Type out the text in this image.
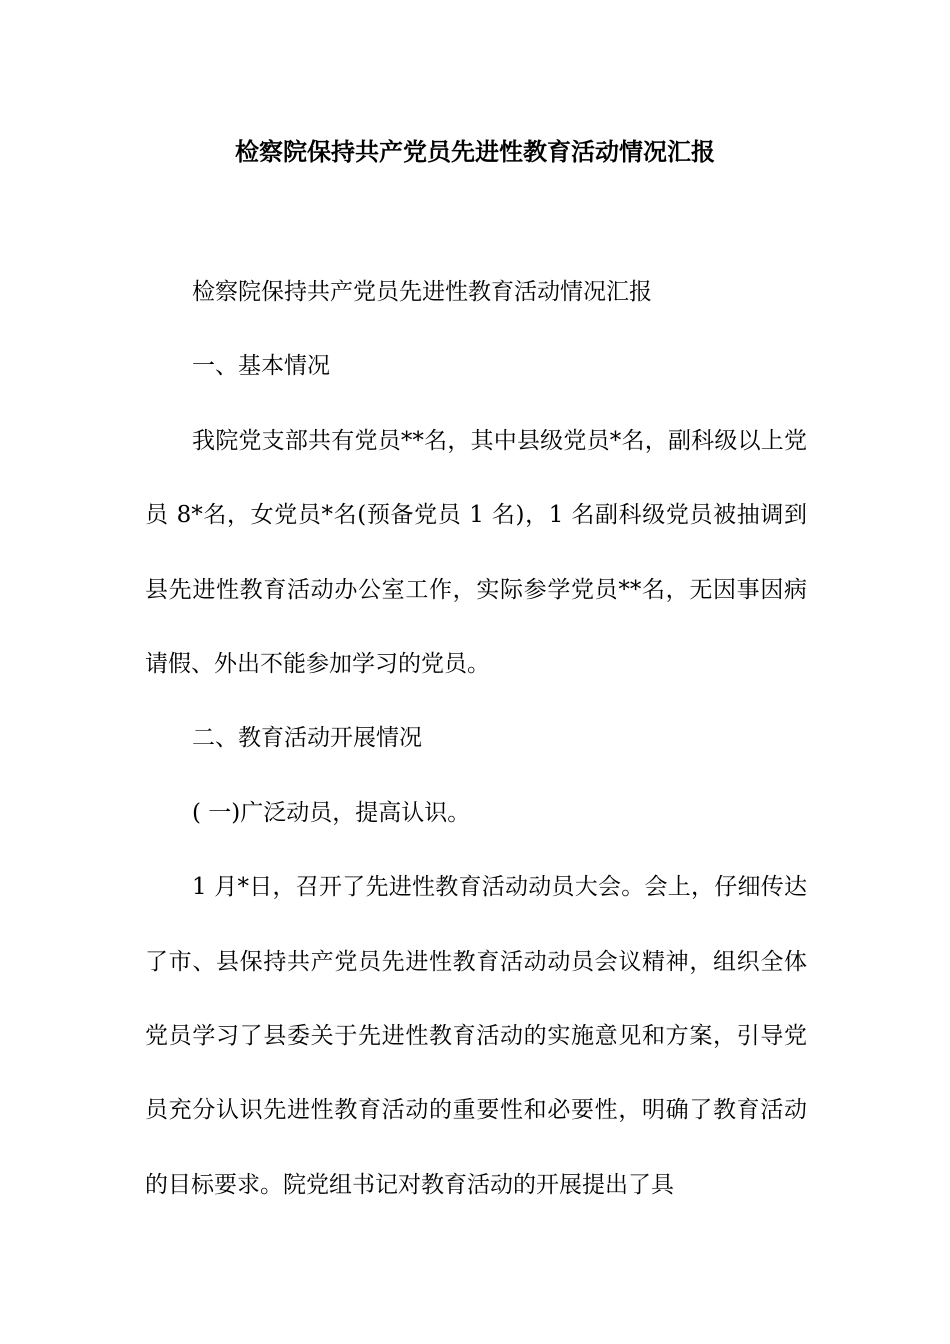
检察院保持共产党员先进性教育活动情况汇报

检察院保持共产党员先进性教育活动情况汇报

一、基本情况

我院党支部共有党员**名，其中县级党员*名，副科级以上党员 8*名，女党员*名(预备党员 1 名)，1 名副科级党员被抽调到县先进性教育活动办公室工作，实际参学党员**名，无因事因病请假、外出不能参加学习的党员。

二、教育活动开展情况

( 一)广泛动员，提高认识。

1 月*日，召开了先进性教育活动动员大会。会上，仔细传达了市、县保持共产党员先进性教育活动动员会议精神，组织全体党员学习了县委关于先进性教育活动的实施意见和方案，引导党员充分认识先进性教育活动的重要性和必要性，明确了教育活动的目标要求。院党组书记对教育活动的开展提出了具
